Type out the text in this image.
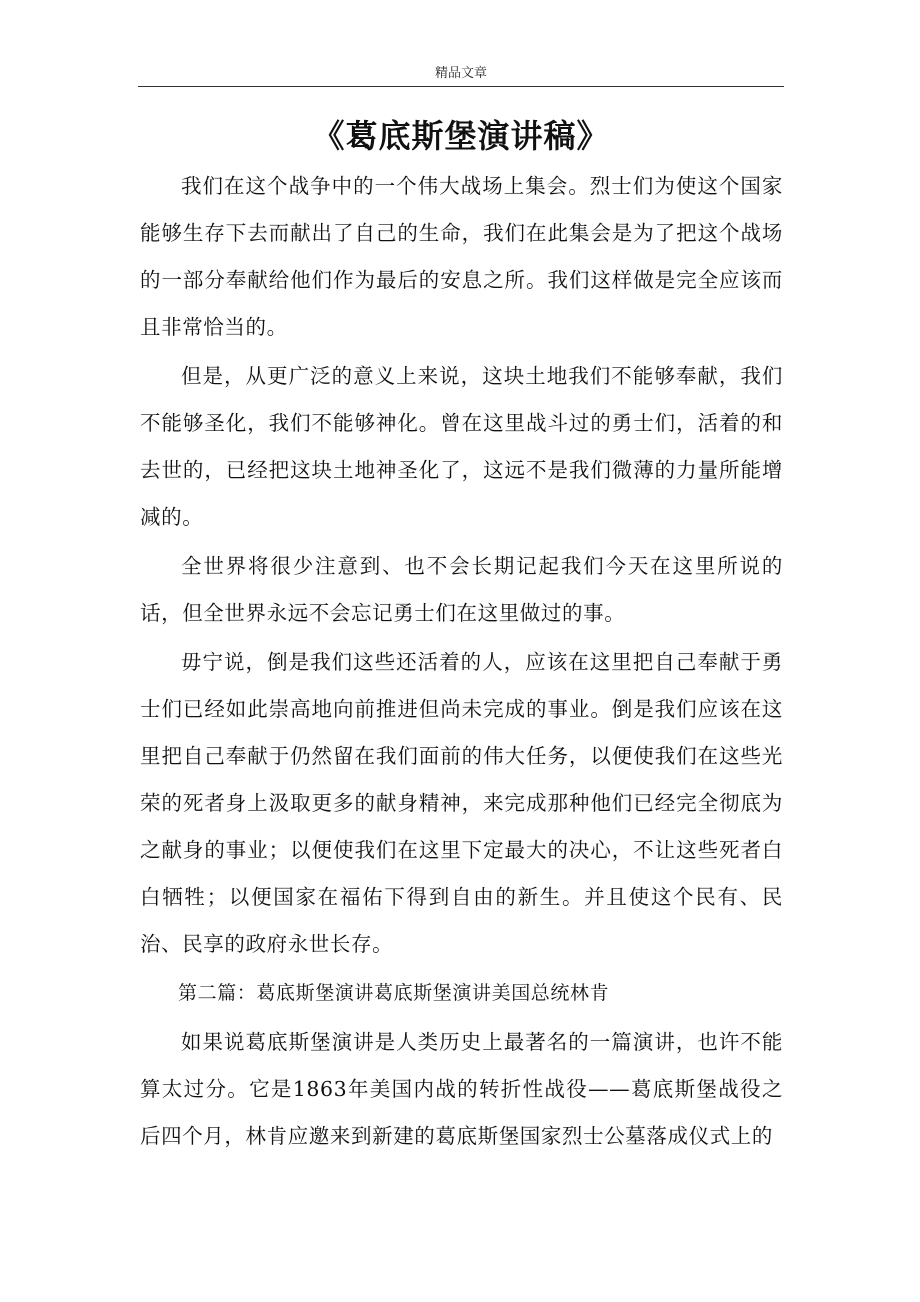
精品文章
《葛底斯堡演讲稿》

我们在这个战争中的一个伟大战场上集会。烈士们为使这个国家能够生存下去而献出了自己的生命，我们在此集会是为了把这个战场的一部分奉献给他们作为最后的安息之所。我们这样做是完全应该而且非常恰当的。

但是，从更广泛的意义上来说，这块土地我们不能够奉献，我们不能够圣化，我们不能够神化。曾在这里战斗过的勇士们，活着的和去世的，已经把这块土地神圣化了，这远不是我们微薄的力量所能增减的。

全世界将很少注意到、也不会长期记起我们今天在这里所说的话，但全世界永远不会忘记勇士们在这里做过的事。

毋宁说，倒是我们这些还活着的人，应该在这里把自己奉献于勇士们已经如此崇高地向前推进但尚未完成的事业。倒是我们应该在这里把自己奉献于仍然留在我们面前的伟大任务，以便使我们在这些光荣的死者身上汲取更多的献身精神，来完成那种他们已经完全彻底为之献身的事业；以便使我们在这里下定最大的决心，不让这些死者白白牺牲；以便国家在福佑下得到自由的新生。并且使这个民有、民治、民享的政府永世长存。

第二篇：葛底斯堡演讲葛底斯堡演讲美国总统林肯

如果说葛底斯堡演讲是人类历史上最著名的一篇演讲，也许不能算太过分。它是1863年美国内战的转折性战役——葛底斯堡战役之后四个月，林肯应邀来到新建的葛底斯堡国家烈士公墓落成仪式上的
